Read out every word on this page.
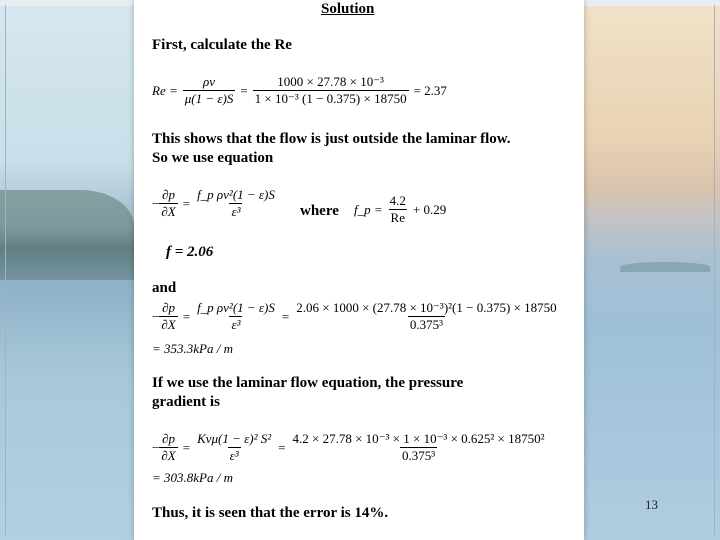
Solution
First, calculate the Re
$Re = \frac{\rho v}{\mu(1 - \varepsilon)S} = \frac{\text{1000 × 27.78 × 10⁻³}}{\text{1 × 10⁻³ (1 − 0.375) × 18750}} = 2.37$
This shows that the flow is just outside the laminar flow.
So we use equation
− $\frac{\partial p}{\partial X} = \frac{\text{f\_p ρv²(1 − ε)S}}{\text{ε³}}$ where f_p = $\frac{4.2}{Re} + 0.29$
f = 2.06
and
− $\frac{\partial p}{\partial X} = \frac{\text{f\_p ρv²(1 − ε)S}}{\text{ε³}} = \frac{\text{2.06 × 1000 × (27.78 × 10⁻³)²(1 − 0.375) × 18750}}{\text{0.375³}}$
= 353.3kPa / m
If we use the laminar flow equation, the pressure
gradient is
− $\frac{\partial p}{\partial X} = \frac{\text{Kvμ(1 − ε)² S²}}{\text{ε³}} = \frac{\text{4.2 × 27.78 × 10⁻³ × 1 × 10⁻³ × 0.625² × 18750²}}{\text{0.375³}}$
= 303.8kPa / m
Thus, it is seen that the error is 14%.
13
